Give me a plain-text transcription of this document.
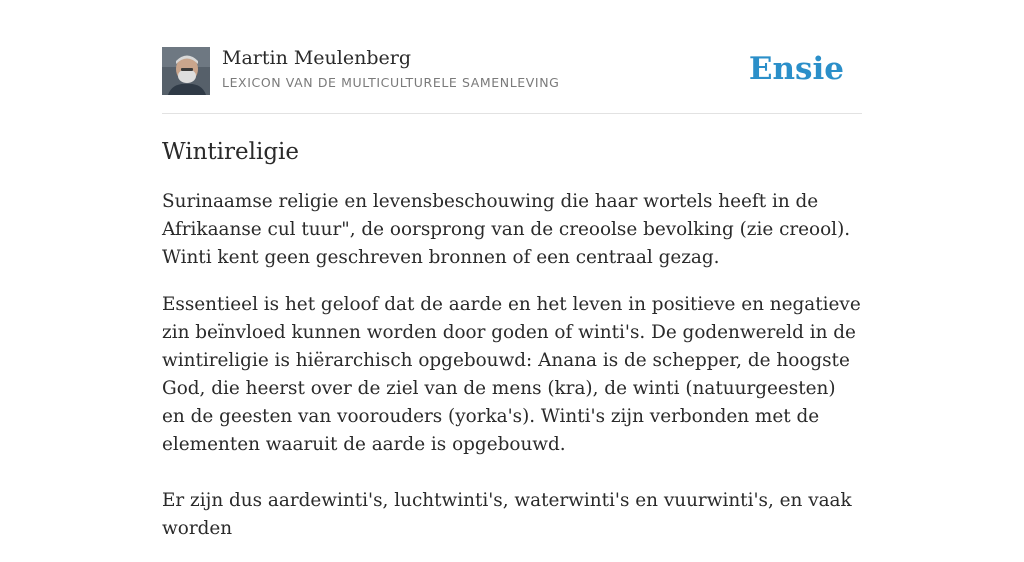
Martin Meulenberg
LEXICON VAN DE MULTICULTURELE SAMENLEVING	Ensie
Wintireligie

Surinaamse religie en levensbeschouwing die haar wortels heeft in de Afrikaanse cul tuur", de oorsprong van de creoolse bevolking (zie creool). Winti kent geen geschreven bronnen of een centraal gezag.

Essentieel is het geloof dat de aarde en het leven in positieve en negatieve zin beïnvloed kunnen worden door goden of winti's. De godenwereld in de wintireligie is hiërarchisch opgebouwd: Anana is de schepper, de hoogste God, die heerst over de ziel van de mens (kra), de winti (natuurgeesten) en de geesten van voorouders (yorka's). Winti's zijn verbonden met de elementen waaruit de aarde is opgebouwd.

Er zijn dus aardewinti's, luchtwinti's, waterwinti's en vuurwinti's, en vaak worden
